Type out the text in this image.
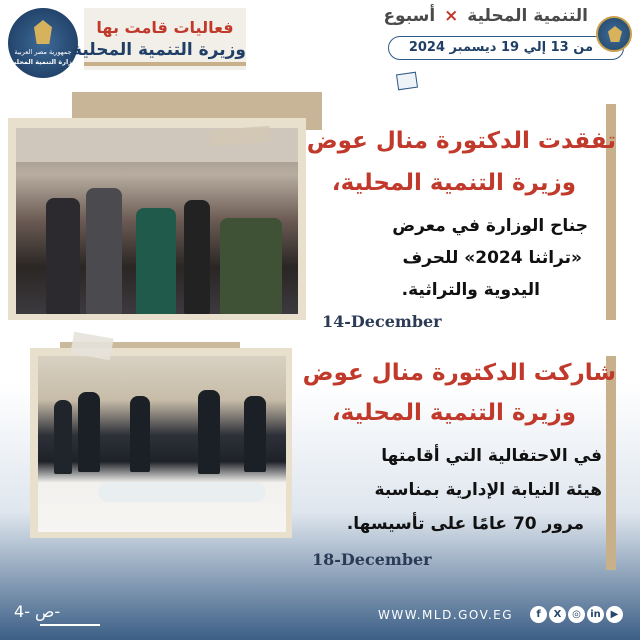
جمهورية مصر العربية
وزارة التنمية المحلية
فعاليات قامت بها
وزيرة التنمية المحلية
التنمية المحلية × أسبوع
من 13 إلي 19 ديسمبر 2024
تفقدت الدكتورة منال عوض
وزيرة التنمية المحلية،
جناح الوزارة في معرض
«تراثنا 2024» للحرف
اليدوية والتراثية.
14-December
شاركت الدكتورة منال عوض
وزيرة التنمية المحلية،
في الاحتفالية التي أقامتها
هيئة النيابة الإدارية بمناسبة
مرور 70 عامًا على تأسيسها.
18-December
ص -4-	WWW.MLD.GOV.EG	f	X	◎ in ▶
